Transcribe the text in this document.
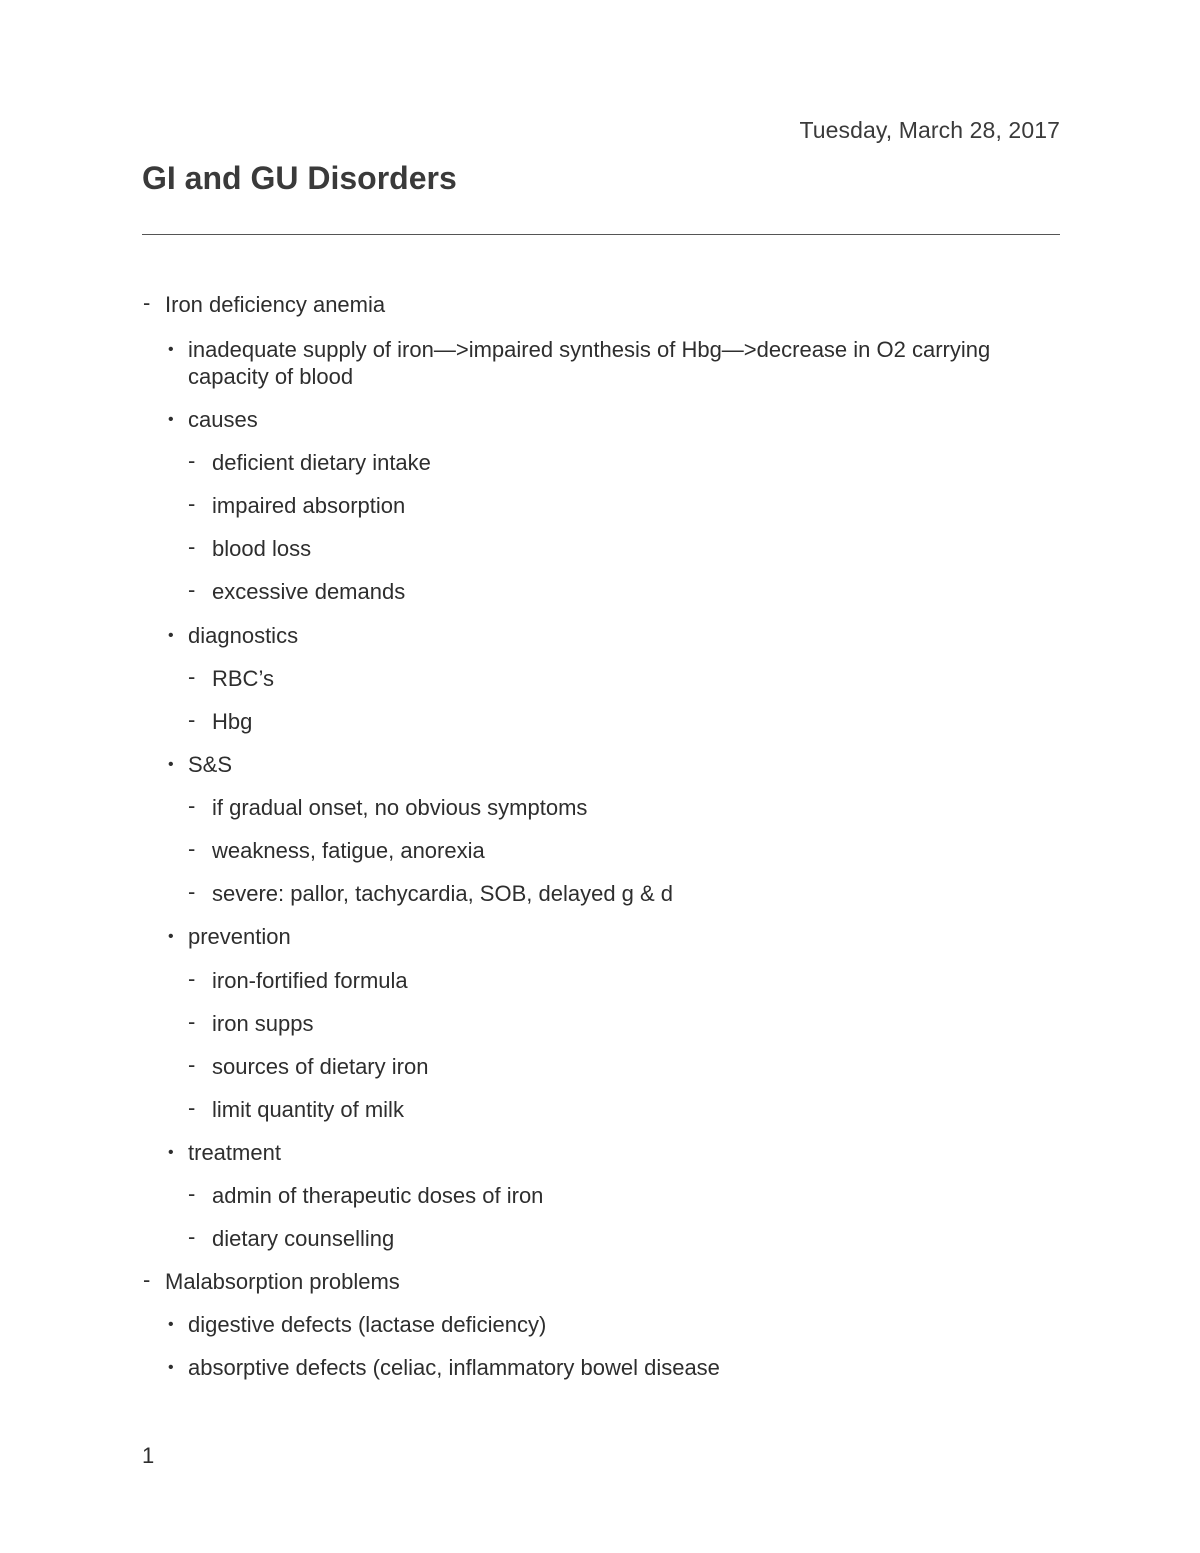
Tuesday, March 28, 2017
GI and GU Disorders
- Iron deficiency anemia
• inadequate supply of iron—>impaired synthesis of Hbg—>decrease in O2 carrying capacity of blood
• causes
- deficient dietary intake
- impaired absorption
- blood loss
- excessive demands
• diagnostics
- RBC’s
- Hbg
• S&S
- if gradual onset, no obvious symptoms
- weakness, fatigue, anorexia
- severe: pallor, tachycardia, SOB, delayed g & d
• prevention
- iron-fortified formula
- iron supps
- sources of dietary iron
- limit quantity of milk
• treatment
- admin of therapeutic doses of iron
- dietary counselling
- Malabsorption problems
• digestive defects (lactase deficiency)
• absorptive defects (celiac, inflammatory bowel disease
1
